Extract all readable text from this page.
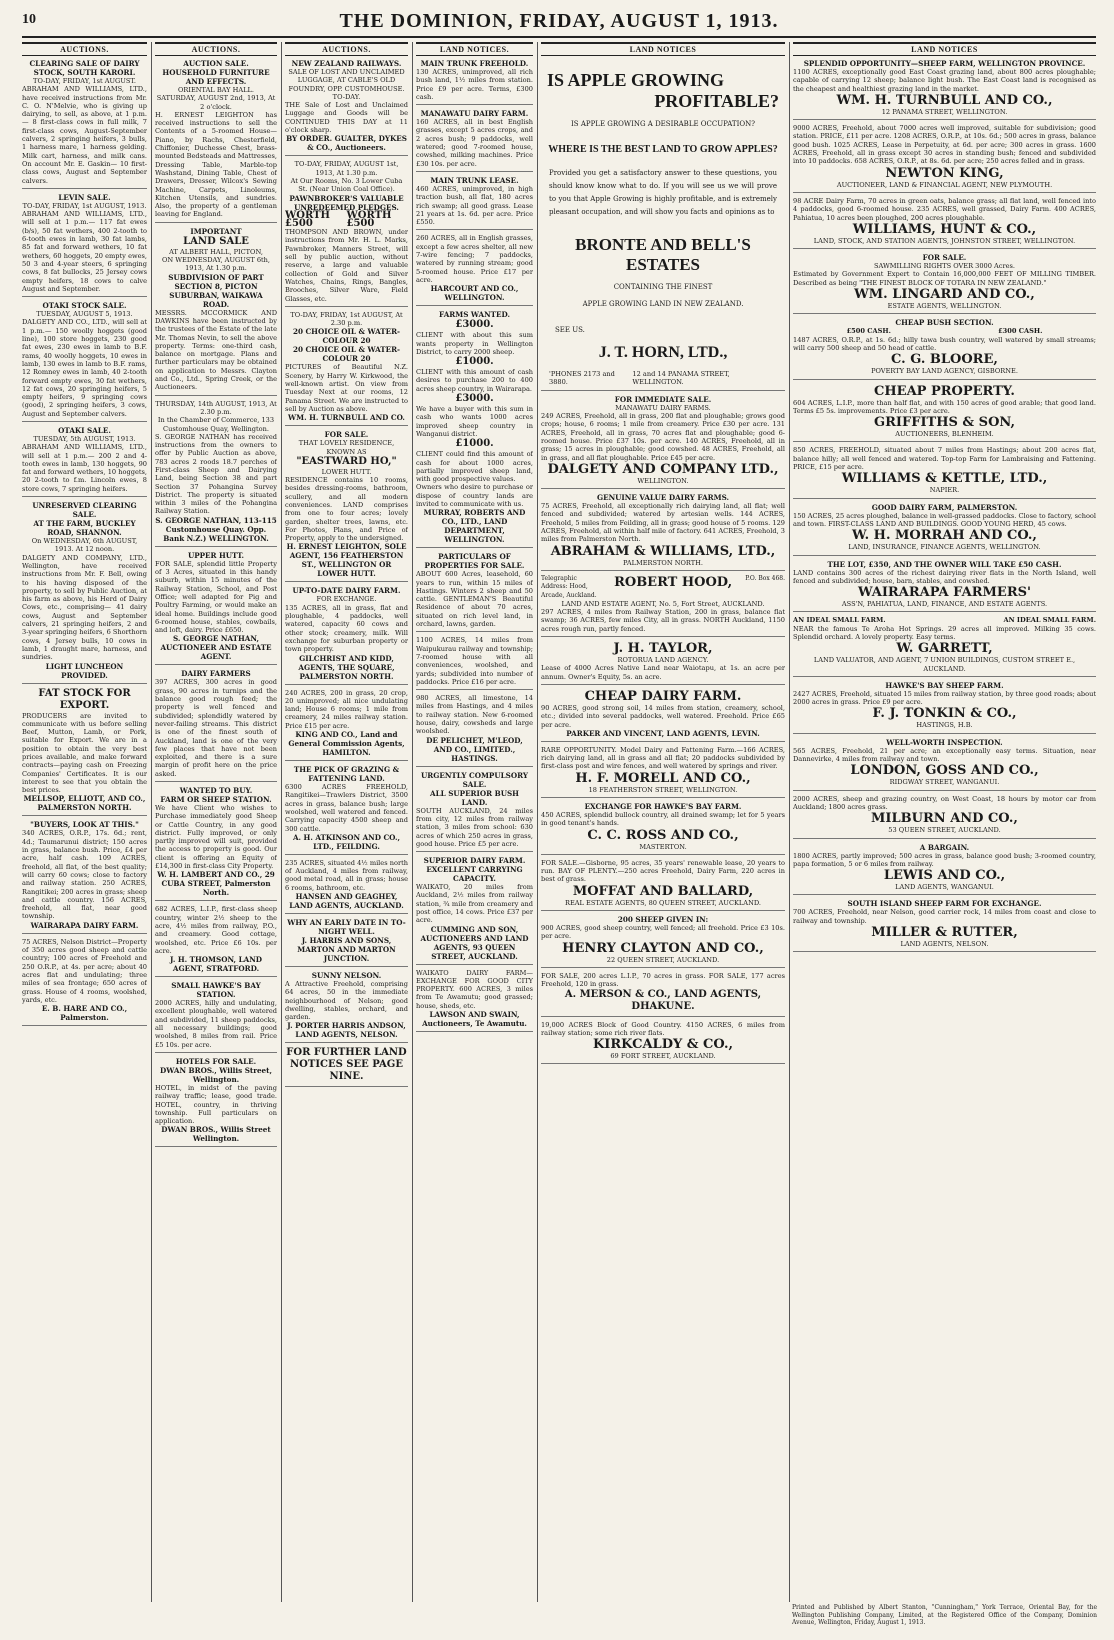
10	THE DOMINION, FRIDAY, AUGUST 1, 1913.
AUCTIONS.
CLEARING SALE OF DAIRY STOCK, SOUTH KARORI.
TO-DAY, FRIDAY, 1st AUGUST.
ABRAHAM AND WILLIAMS, LTD., have received instructions from Mr. C. O. N'Melvie, who is giving up dairying, to sell, as above, at 1 p.m.— 8 first-class cows in full milk, 7 first-class cows, August-September calvers, 2 springing heifers, 3 bulls, 1 harness mare, 1 harness gelding. Milk cart, harness, and milk cans. On account Mr. E. Gaskin— 10 first-class cows, August and September calvers.
LEVIN SALE.
TO-DAY, FRIDAY, 1st AUGUST, 1913.
ABRAHAM AND WILLIAMS, LTD., will sell at 1 p.m.— 117 fat ewes (b/s), 50 fat wethers, 400 2-tooth to 6-tooth ewes in lamb, 30 fat lambs, 85 fat and forward wethers, 10 fat wethers, 60 hoggets, 20 empty ewes, 50 3 and 4-year steers, 6 springing cows, 8 fat bullocks, 25 Jersey cows empty heifers, 18 cows to calve August and September.
OTAKI STOCK SALE.
TUESDAY, AUGUST 5, 1913.
DALGETY AND CO., LTD., will sell at 1 p.m.— 150 woolly hoggets (good line), 100 store hoggets, 230 good fat ewes, 230 ewes in lamb to B.F. rams, 40 woolly hoggets, 10 ewes in lamb, 130 ewes in lamb to B.F. rams, 12 Romney ewes in lamb, 40 2-tooth forward empty ewes, 30 fat wethers, 12 fat cows, 20 springing heifers, 5 empty heifers, 9 springing cows (good), 2 springing heifers, 3 cows, August and September calvers.
OTAKI SALE.
TUESDAY, 5th AUGUST, 1913.
ABRAHAM AND WILLIAMS, LTD., will sell at 1 p.m.— 200 2 and 4-tooth ewes in lamb, 130 hoggets, 90 fat and forward wethers, 10 hoggets, 20 2-tooth to f.m. Lincoln ewes, 8 store cows, 7 springing heifers.
UNRESERVED CLEARING SALE.
AT THE FARM, BUCKLEY ROAD, SHANNON.
On WEDNESDAY, 6th AUGUST, 1913. At 12 noon.
DALGETY AND COMPANY, LTD., Wellington, have received instructions from Mr. F. Bell, owing to his having disposed of the property, to sell by Public Auction, at his farm as above, his Herd of Dairy Cows, etc., comprising— 41 dairy cows, August and September calvers, 21 springing heifers, 2 and 3-year springing heifers, 6 Shorthorn cows, 4 Jersey bulls, 10 cows in lamb, 1 draught mare, harness, and sundries.
LIGHT LUNCHEON PROVIDED.
FAT STOCK FOR EXPORT.
PRODUCERS are invited to communicate with us before selling Beef, Mutton, Lamb, or Pork, suitable for Export. We are in a position to obtain the very best prices available, and make forward contracts—paying cash on Freezing Companies' Certificates. It is our interest to see that you obtain the best prices.
MELLSOP, ELLIOTT, AND CO., PALMERSTON NORTH.
"BUYERS, LOOK AT THIS."
340 ACRES, O.R.P., 17s. 6d.; rent, 4d.; Taumarunui district; 150 acres in grass, balance bush. Price, £4 per acre, half cash. 109 ACRES, freehold, all flat, of the best quality; will carry 60 cows; close to factory and railway station. 250 ACRES, Rangitikei; 200 acres in grass; sheep and cattle country. 156 ACRES, freehold, all flat, near good township.
WAIRARAPA DAIRY FARM.
75 ACRES, Nelson District—Property of 350 acres good sheep and cattle country; 100 acres of Freehold and 250 O.R.P., at 4s. per acre; about 40 acres flat and undulating; three miles of sea frontage; 650 acres of grass. House of 4 rooms, woolshed, yards, etc.
E. B. HARE AND CO., Palmerston.
AUCTIONS.
AUCTION SALE.
HOUSEHOLD FURNITURE AND EFFECTS.
ORIENTAL BAY HALL.
SATURDAY, AUGUST 2nd, 1913, At 2 o'clock.
H. ERNEST LEIGHTON has received instructions to sell the Contents of a 5-roomed House— Piano, by Rachs, Chesterfield, Chiffonier, Duchesse Chest, brass-mounted Bedsteads and Mattresses, Dressing Table, Marble-top Washstand, Dining Table, Chest of Drawers, Dresser, Wilcox's Sewing Machine, Carpets, Linoleums, Kitchen Utensils, and sundries. Also, the property of a gentleman leaving for England.
IMPORTANT
LAND SALE
AT ALBERT HALL, PICTON,
ON WEDNESDAY, AUGUST 6th, 1913, At 1.30 p.m.
SUBDIVISION OF PART SECTION 8, PICTON SUBURBAN, WAIKAWA ROAD.
MESSRS. MCCORMICK AND DAWKINS have been instructed by the trustees of the Estate of the late Mr. Thomas Nevin, to sell the above property. Terms: one-third cash, balance on mortgage. Plans and further particulars may be obtained on application to Messrs. Clayton and Co., Ltd., Spring Creek, or the Auctioneers.
THURSDAY, 14th AUGUST, 1913, At 2.30 p.m.
In the Chamber of Commerce, 133 Customhouse Quay, Wellington.
S. GEORGE NATHAN has received instructions from the owners to offer by Public Auction as above, 783 acres 2 roods 18.7 perches of First-class Sheep and Dairying Land, being Section 38 and part Section 37 Pohangina Survey District. The property is situated within 3 miles of the Pohangina Railway Station.
S. GEORGE NATHAN, 113-115 Customhouse Quay. Opp. Bank N.Z.) WELLINGTON.
UPPER HUTT.
FOR SALE, splendid little Property of 3 Acres, situated in this handy suburb, within 15 minutes of the Railway Station, School, and Post Office; well adapted for Pig and Poultry Farming, or would make an ideal home. Buildings include good 6-roomed house, stables, cowbails, and loft, dairy. Price £650.
S. GEORGE NATHAN, AUCTIONEER AND ESTATE AGENT.
DAIRY FARMERS
397 ACRES, 300 acres in good grass, 90 acres in turnips and the balance good rough feed; the property is well fenced and subdivided; splendidly watered by never-failing streams. This district is one of the finest south of Auckland, land is one of the very few places that have not been exploited, and there is a sure margin of profit here on the price asked.
WANTED TO BUY.
FARM OR SHEEP STATION.
We have Client who wishes to Purchase immediately good Sheep or Cattle Country, in any good district. Fully improved, or only partly improved will suit, provided the access to property is good. Our client is offering an Equity of £14,300 in first-class City Property.
W. H. LAMBERT AND CO., 29 CUBA STREET, Palmerston North.
682 ACRES, L.I.P., first-class sheep country, winter 2½ sheep to the acre, 4½ miles from railway, P.O., and creamery. Good cottage, woolshed, etc. Price £6 10s. per acre.
J. H. THOMSON, LAND AGENT, STRATFORD.
SMALL HAWKE'S BAY STATION.
2000 ACRES, hilly and undulating, excellent ploughable, well watered and subdivided, 11 sheep paddocks, all necessary buildings; good woolshed, 8 miles from rail. Price £5 10s. per acre.
HOTELS FOR SALE.
DWAN BROS., Willis Street, Wellington.
HOTEL, in midst of the paving railway traffic; lease, good trade. HOTEL, country, in thriving township. Full particulars on application.
DWAN BROS., Willis Street Wellington.
AUCTIONS.
NEW ZEALAND RAILWAYS.
SALE OF LOST AND UNCLAIMED LUGGAGE, AT CABLE'S OLD FOUNDRY, OPP. CUSTOMHOUSE.
TO-DAY.
THE Sale of Lost and Unclaimed Luggage and Goods will be CONTINUED THIS DAY at 11 o'clock sharp.
BY ORDER. GUALTER, DYKES & CO., Auctioneers.
TO-DAY, FRIDAY, AUGUST 1st, 1913, At 1.30 p.m.
At Our Rooms, No. 3 Lower Cuba St. (Near Union Coal Office).
PAWNBROKER'S VALUABLE UNREDEEMED PLEDGES.
WORTH £500
WORTH £500
THOMPSON AND BROWN, under instructions from Mr. H. L. Marks, Pawnbroker, Manners Street, will sell by public auction, without reserve, a large and valuable collection of Gold and Silver Watches, Chains, Rings, Bangles, Brooches, Silver Ware, Field Glasses, etc.
TO-DAY, FRIDAY, 1st AUGUST, At 2.30 p.m.
20 CHOICE OIL & WATER-COLOUR 20
20 CHOICE OIL & WATER-COLOUR 20
PICTURES of Beautiful N.Z. Scenery, by Harry W. Kirkwood, the well-known artist. On view from Tuesday Next at our rooms, 12 Panama Street. We are instructed to sell by Auction as above.
WM. H. TURNBULL AND CO.
FOR SALE.
THAT LOVELY RESIDENCE, KNOWN AS
"EASTWARD HO,"
LOWER HUTT.
RESIDENCE contains 10 rooms, besides dressing-rooms, bathroom, scullery, and all modern conveniences. LAND comprises from one to four acres; lovely garden, shelter trees, lawns, etc. For Photos, Plans, and Price of Property, apply to the undersigned.
H. ERNEST LEIGHTON, SOLE AGENT, 156 FEATHERSTON ST., WELLINGTON OR LOWER HUTT.
UP-TO-DATE DAIRY FARM.
FOR EXCHANGE.
135 ACRES, all in grass, flat and ploughable, 4 paddocks, well watered, capacity 60 cows and other stock; creamery, milk. Will exchange for suburban property or town property.
GILCHRIST AND KIDD, AGENTS, THE SQUARE, PALMERSTON NORTH.
240 ACRES, 200 in grass, 20 crop, 20 unimproved; all nice undulating land; House 6 rooms; 1 mile from creamery, 24 miles railway station. Price £15 per acre.
KING AND CO., Land and General Commission Agents, HAMILTON.
THE PICK OF GRAZING & FATTENING LAND.
6300 ACRES FREEHOLD, Rangitikei—Trawlers District, 3500 acres in grass, balance bush; large woolshed, well watered and fenced. Carrying capacity 4500 sheep and 300 cattle.
A. H. ATKINSON AND CO., LTD., FEILDING.
235 ACRES, situated 4½ miles north of Auckland, 4 miles from railway, good metal road, all in grass; house 6 rooms, bathroom, etc.
HANSEN AND GEAGHEY, LAND AGENTS, AUCKLAND.
WHY AN EARLY DATE IN TO-NIGHT WELL.
J. HARRIS AND SONS, MARTON AND MARTON JUNCTION.
SUNNY NELSON.
A Attractive Freehold, comprising 64 acres, 50 in the immediate neighbourhood of Nelson; good dwelling, stables, orchard, and garden.
J. PORTER HARRIS ANDSON, LAND AGENTS, NELSON.
FOR FURTHER LAND NOTICES SEE PAGE NINE.
LAND NOTICES.
MAIN TRUNK FREEHOLD.
130 ACRES, unimproved, all rich bush land, 1½ miles from station. Price £9 per acre. Terms, £300 cash.
MANAWATU DAIRY FARM.
160 ACRES, all in best English grasses, except 5 acres crops, and 2 acres bush; 9 paddocks, well watered; good 7-roomed house, cowshed, milking machines. Price £30 10s. per acre.
MAIN TRUNK LEASE.
460 ACRES, unimproved, in high traction bush, all flat, 180 acres rich swamp; all good grass. Lease 21 years at 1s. 6d. per acre. Price £550.
260 ACRES, all in English grasses, except a few acres shelter, all new 7-wire fencing; 7 paddocks, watered by running stream; good 5-roomed house. Price £17 per acre.
HARCOURT AND CO., WELLINGTON.
FARMS WANTED.
£3000.
CLIENT with about this sum wants property in Wellington District, to carry 2000 sheep.
£1000.
CLIENT with this amount of cash desires to purchase 200 to 400 acres sheep country, in Wairarapa.
£3000.
We have a buyer with this sum in cash who wants 1000 acres improved sheep country in Wanganui district.
£1000.
CLIENT could find this amount of cash for about 1000 acres, partially improved sheep land, with good prospective values.
Owners who desire to purchase or dispose of country lands are invited to communicate with us.
MURRAY, ROBERTS AND CO., LTD., LAND DEPARTMENT, WELLINGTON.
PARTICULARS OF PROPERTIES FOR SALE.
ABOUT 600 Acres, leasehold, 60 years to run, within 15 miles of Hastings. Winters 2 sheep and 50 cattle. GENTLEMAN'S Beautiful Residence of about 70 acres, situated on rich level land, in orchard, lawns, garden.
1100 ACRES, 14 miles from Waipukurau railway and township; 7-roomed house with all conveniences, woolshed, and yards; subdivided into number of paddocks. Price £16 per acre.
980 ACRES, all limestone, 14 miles from Hastings, and 4 miles to railway station. New 6-roomed house, dairy, cowsheds and large woolshed.
DE PELICHET, M'LEOD, AND CO., LIMITED., HASTINGS.
URGENTLY COMPULSORY SALE.
ALL SUPERIOR BUSH LAND.
SOUTH AUCKLAND, 24 miles from city, 12 miles from railway station, 3 miles from school: 630 acres of which 250 acres in grass, good house. Price £5 per acre.
SUPERIOR DAIRY FARM.
EXCELLENT CARRYING CAPACITY.
WAIKATO, 20 miles from Auckland, 2½ miles from railway station, ¾ mile from creamery and post office, 14 cows. Price £37 per acre.
CUMMING AND SON, AUCTIONEERS AND LAND AGENTS, 93 QUEEN STREET, AUCKLAND.
WAIKATO DAIRY FARM—EXCHANGE FOR GOOD CITY PROPERTY. 600 ACRES, 3 miles from Te Awamutu; good grassed; house, sheds, etc.
LAWSON AND SWAIN, Auctioneers, Te Awamutu.
LAND NOTICES
IS APPLE GROWING
PROFITABLE?
IS APPLE GROWING A DESIRABLE OCCUPATION?
WHERE IS THE BEST LAND TO GROW APPLES?
Provided you get a satisfactory answer to these questions, you should know know what to do. If you will see us we will prove to you that Apple Growing is highly profitable, and is extremely pleasant occupation, and will show you facts and opinions as to
BRONTE AND BELL'S ESTATES
CONTAINING THE FINEST
APPLE GROWING LAND IN NEW ZEALAND.
SEE US.
J. T. HORN, LTD.,
'PHONES 2173 and 3880.
12 and 14 PANAMA STREET, WELLINGTON.
FOR IMMEDIATE SALE.
MANAWATU DAIRY FARMS.
249 ACRES, Freehold, all in grass, 200 flat and ploughable; grows good crops; house, 6 rooms; 1 mile from creamery. Price £30 per acre. 131 ACRES, Freehold, all in grass, 70 acres flat and ploughable; good 6-roomed house. Price £37 10s. per acre. 140 ACRES, Freehold, all in grass; 15 acres in ploughable; good cowshed. 48 ACRES, Freehold, all in grass, and all flat ploughable. Price £45 per acre.
DALGETY AND COMPANY LTD.,
WELLINGTON.
GENUINE VALUE DAIRY FARMS.
75 ACRES, Freehold, all exceptionally rich dairying land, all flat; well fenced and subdivided; watered by artesian wells. 144 ACRES, Freehold, 5 miles from Feilding, all in grass; good house of 5 rooms. 129 ACRES, Freehold, all within half mile of factory. 641 ACRES, Freehold, 3 miles from Palmerston North.
ABRAHAM & WILLIAMS, LTD.,
PALMERSTON NORTH.
Telegraphic Address: Hood, Arcade, Auckland.
ROBERT HOOD, P.O. Box 468.
LAND AND ESTATE AGENT, No. 5, Fort Street, AUCKLAND.
297 ACRES, 4 miles from Railway Station, 200 in grass, balance flat swamp; 36 ACRES, few miles City, all in grass. NORTH Auckland, 1150 acres rough run, partly fenced.
J. H. TAYLOR,
ROTORUA LAND AGENCY.
Lease of 4000 Acres Native Land near Waiotapu, at 1s. an acre per annum. Owner's Equity, 5s. an acre.
CHEAP DAIRY FARM.
90 ACRES, good strong soil, 14 miles from station, creamery, school, etc.; divided into several paddocks, well watered. Freehold. Price £65 per acre.
PARKER AND VINCENT, LAND AGENTS, LEVIN.
RARE OPPORTUNITY. Model Dairy and Fattening Farm.—166 ACRES, rich dairying land, all in grass and all flat; 20 paddocks subdivided by first-class post and wire fences, and well watered by springs and river.
H. F. MORELL AND CO.,
18 FEATHERSTON STREET, WELLINGTON.
EXCHANGE FOR HAWKE'S BAY FARM.
450 ACRES, splendid bullock country, all drained swamp; let for 5 years in good tenant's hands.
C. C. ROSS AND CO.,
MASTERTON.
FOR SALE.—Gisborne, 95 acres, 35 years' renewable lease, 20 years to run. BAY OF PLENTY.—250 acres Freehold, Dairy Farm, 220 acres in best of grass.
MOFFAT AND BALLARD,
REAL ESTATE AGENTS, 80 QUEEN STREET, AUCKLAND.
200 SHEEP GIVEN IN:
900 ACRES, good sheep country, well fenced; all freehold. Price £3 10s. per acre.
HENRY CLAYTON AND CO.,
22 QUEEN STREET, AUCKLAND.
FOR SALE, 200 acres L.I.P., 70 acres in grass. FOR SALE, 177 acres Freehold, 120 in grass.
A. MERSON & CO., LAND AGENTS, DHAKUNE.
19,000 ACRES Block of Good Country. 4150 ACRES, 6 miles from railway station; some rich river flats.
KIRKCALDY & CO.,
69 FORT STREET, AUCKLAND.
LAND NOTICES
SPLENDID OPPORTUNITY—SHEEP FARM, WELLINGTON PROVINCE.
1100 ACRES, exceptionally good East Coast grazing land, about 800 acres ploughable; capable of carrying 12 sheep; balance light bush. The East Coast land is recognised as the cheapest and healthiest grazing land in the market.
WM. H. TURNBULL AND CO.,
12 PANAMA STREET, WELLINGTON.
9000 ACRES, Freehold, about 7000 acres well improved, suitable for subdivision; good station. PRICE, £11 per acre. 1208 ACRES, O.R.P., at 10s. 6d.; 500 acres in grass, balance good bush. 1025 ACRES, Lease in Perpetuity, at 6d. per acre; 300 acres in grass. 1600 ACRES, Freehold, all in grass except 30 acres in standing bush; fenced and subdivided into 10 paddocks. 658 ACRES, O.R.P., at 8s. 6d. per acre; 250 acres felled and in grass.
NEWTON KING,
AUCTIONEER, LAND & FINANCIAL AGENT, NEW PLYMOUTH.
98 ACRE Dairy Farm, 70 acres in green oats, balance grass; all flat land, well fenced into 4 paddocks, good 6-roomed house. 235 ACRES, well grassed, Dairy Farm. 400 ACRES, Pahiatua, 10 acres been ploughed, 200 acres ploughable.
WILLIAMS, HUNT & CO.,
LAND, STOCK, AND STATION AGENTS, JOHNSTON STREET, WELLINGTON.
FOR SALE.
SAWMILLING RIGHTS OVER 3000 Acres.
Estimated by Government Expert to Contain 16,000,000 FEET OF MILLING TIMBER. Described as being "THE FINEST BLOCK OF TOTARA IN NEW ZEALAND."
WM. LINGARD AND CO.,
ESTATE AGENTS, WELLINGTON.
CHEAP BUSH SECTION.
£500 CASH.	£300 CASH.
1487 ACRES, O.R.P., at 1s. 6d.; hilly tawa bush country, well watered by small streams; will carry 500 sheep and 50 head of cattle.
C. G. BLOORE,
POVERTY BAY LAND AGENCY, GISBORNE.
CHEAP PROPERTY.
604 ACRES, L.I.P., more than half flat, and with 150 acres of good arable; that good land. Terms £5 5s. improvements. Price £3 per acre.
GRIFFITHS & SON,
AUCTIONEERS, BLENHEIM.
850 ACRES, FREEHOLD, situated about 7 miles from Hastings; about 200 acres flat, balance hilly; all well fenced and watered. Top-top Farm for Lambraising and Fattening. PRICE, £15 per acre.
WILLIAMS & KETTLE, LTD.,
NAPIER.
GOOD DAIRY FARM, PALMERSTON.
150 ACRES, 25 acres ploughed, balance in well-grassed paddocks. Close to factory, school and town. FIRST-CLASS LAND AND BUILDINGS. GOOD YOUNG HERD, 45 cows.
W. H. MORRAH AND CO.,
LAND, INSURANCE, FINANCE AGENTS, WELLINGTON.
THE LOT, £350, AND THE OWNER WILL TAKE £50 CASH.
LAND contains 300 acres of the richest dairying river flats in the North Island, well fenced and subdivided; house, barn, stables, and cowshed.
WAIRARAPA FARMERS'
ASS'N, PAHIATUA, LAND, FINANCE, AND ESTATE AGENTS.
AN IDEAL SMALL FARM.	AN IDEAL SMALL FARM.
NEAR the famous Te Aroha Hot Springs. 29 acres all improved. Milking 35 cows. Splendid orchard. A lovely property. Easy terms.
W. GARRETT,
LAND VALUATOR, AND AGENT, 7 UNION BUILDINGS, CUSTOM STREET E., AUCKLAND.
HAWKE'S BAY SHEEP FARM.
2427 ACRES, Freehold, situated 15 miles from railway station, by three good roads; about 2000 acres in grass. Price £9 per acre.
F. J. TONKIN & CO.,
HASTINGS, H.B.
WELL-WORTH INSPECTION.
565 ACRES, Freehold, 21 per acre; an exceptionally easy terms. Situation, near Dannevirke, 4 miles from railway and town.
LONDON, GOSS AND CO.,
RIDGWAY STREET, WANGANUI.
2000 ACRES, sheep and grazing country, on West Coast, 18 hours by motor car from Auckland; 1800 acres grass.
MILBURN AND CO.,
53 QUEEN STREET, AUCKLAND.
A BARGAIN.
1800 ACRES, partly improved; 500 acres in grass, balance good bush; 3-roomed country, papa formation, 5 or 6 miles from railway.
LEWIS AND CO.,
LAND AGENTS, WANGANUI.
SOUTH ISLAND SHEEP FARM FOR EXCHANGE.
700 ACRES, Freehold, near Nelson, good carrier rock, 14 miles from coast and close to railway and township.
MILLER & RUTTER,
LAND AGENTS, NELSON.
Printed and Published by Albert Stanton, "Cunningham," York Terrace, Oriental Bay, for the Wellington Publishing Company, Limited, at the Registered Office of the Company, Dominion Avenue, Wellington, Friday, August 1, 1913.
